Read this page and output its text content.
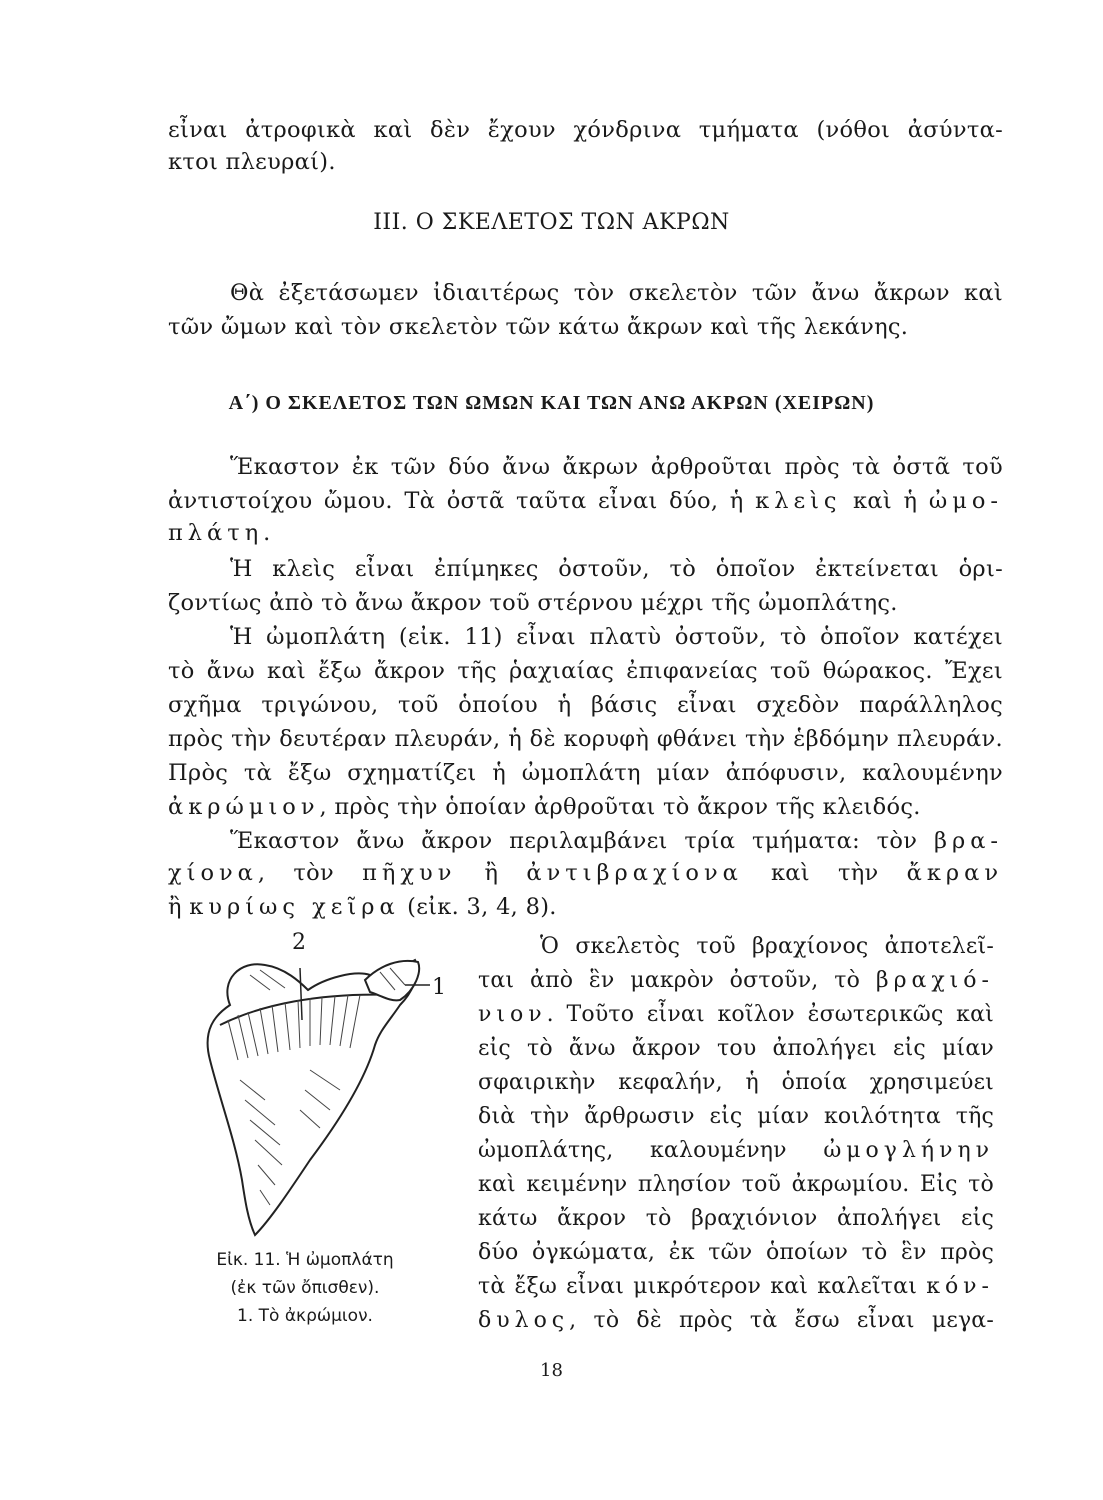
εἶναι ἀτροφικὰ καὶ δὲν ἔχουν χόνδρινα τμήματα (νόθοι ἀσύντα-
κτοι πλευραί).
III. Ο ΣΚΕΛΕΤΟΣ ΤΩΝ ΑΚΡΩΝ
Θὰ ἐξετάσωμεν ἰδιαιτέρως τὸν σκελετὸν τῶν ἄνω ἄκρων καὶ
τῶν ὤμων καὶ τὸν σκελετὸν τῶν κάτω ἄκρων καὶ τῆς λεκάνης.
Α΄) Ο ΣΚΕΛΕΤΟΣ ΤΩΝ ΩΜΩΝ ΚΑΙ ΤΩΝ ΑΝΩ ΑΚΡΩΝ (ΧΕΙΡΩΝ)
Ἕκαστον ἐκ τῶν δύο ἄνω ἄκρων ἀρθροῦται πρὸς τὰ ὀστᾶ τοῦ
ἀντιστοίχου ὤμου. Τὰ ὀστᾶ ταῦτα εἶναι δύο, ἡ κλεὶς καὶ ἡ ὠμο-
πλάτη.
Ἡ κλεὶς εἶναι ἐπίμηκες ὀστοῦν, τὸ ὁποῖον ἐκτείνεται ὁρι-
ζοντίως ἀπὸ τὸ ἄνω ἄκρον τοῦ στέρνου μέχρι τῆς ὠμοπλάτης.
Ἡ ὠμοπλάτη (εἰκ. 11) εἶναι πλατὺ ὀστοῦν, τὸ ὁποῖον κατέχει
τὸ ἄνω καὶ ἔξω ἄκρον τῆς ῥαχιαίας ἐπιφανείας τοῦ θώρακος. Ἔχει
σχῆμα τριγώνου, τοῦ ὁποίου ἡ βάσις εἶναι σχεδὸν παράλληλος
πρὸς τὴν δευτέραν πλευράν, ἡ δὲ κορυφὴ φθάνει τὴν ἑβδόμην πλευράν.
Πρὸς τὰ ἔξω σχηματίζει ἡ ὠμοπλάτη μίαν ἀπόφυσιν, καλουμένην
ἀκρώμιον, πρὸς τὴν ὁποίαν ἀρθροῦται τὸ ἄκρον τῆς κλειδός.
Ἕκαστον ἄνω ἄκρον περιλαμβάνει τρία τμήματα: τὸν βρα-
χίονα, τὸν πῆχυν ἢ ἀντιβραχίονα καὶ τὴν ἄκραν
ἢ κυρίως χεῖρα (εἰκ. 3, 4, 8).
Ὁ σκελετὸς τοῦ βραχίονος ἀποτελεῖ-
ται ἀπὸ ἓν μακρὸν ὀστοῦν, τὸ βραχιό-
νιον. Τοῦτο εἶναι κοῖλον ἐσωτερικῶς καὶ
εἰς τὸ ἄνω ἄκρον του ἀπολήγει εἰς μίαν
σφαιρικὴν κεφαλήν, ἡ ὁποία χρησιμεύει
διὰ τὴν ἄρθρωσιν εἰς μίαν κοιλότητα τῆς
ὠμοπλάτης, καλουμένην ὠμογλήνην
καὶ κειμένην πλησίον τοῦ ἀκρωμίου. Εἰς τὸ
κάτω ἄκρον τὸ βραχιόνιον ἀπολήγει εἰς
δύο ὀγκώματα, ἐκ τῶν ὁποίων τὸ ἓν πρὸς
τὰ ἔξω εἶναι μικρότερον καὶ καλεῖται κόν-
δυλος, τὸ δὲ πρὸς τὰ ἔσω εἶναι μεγα-
2
1
Εἰκ. 11. Ἡ ὠμοπλάτη
(ἐκ τῶν ὄπισθεν).
1. Τὸ ἀκρώμιον.
18
